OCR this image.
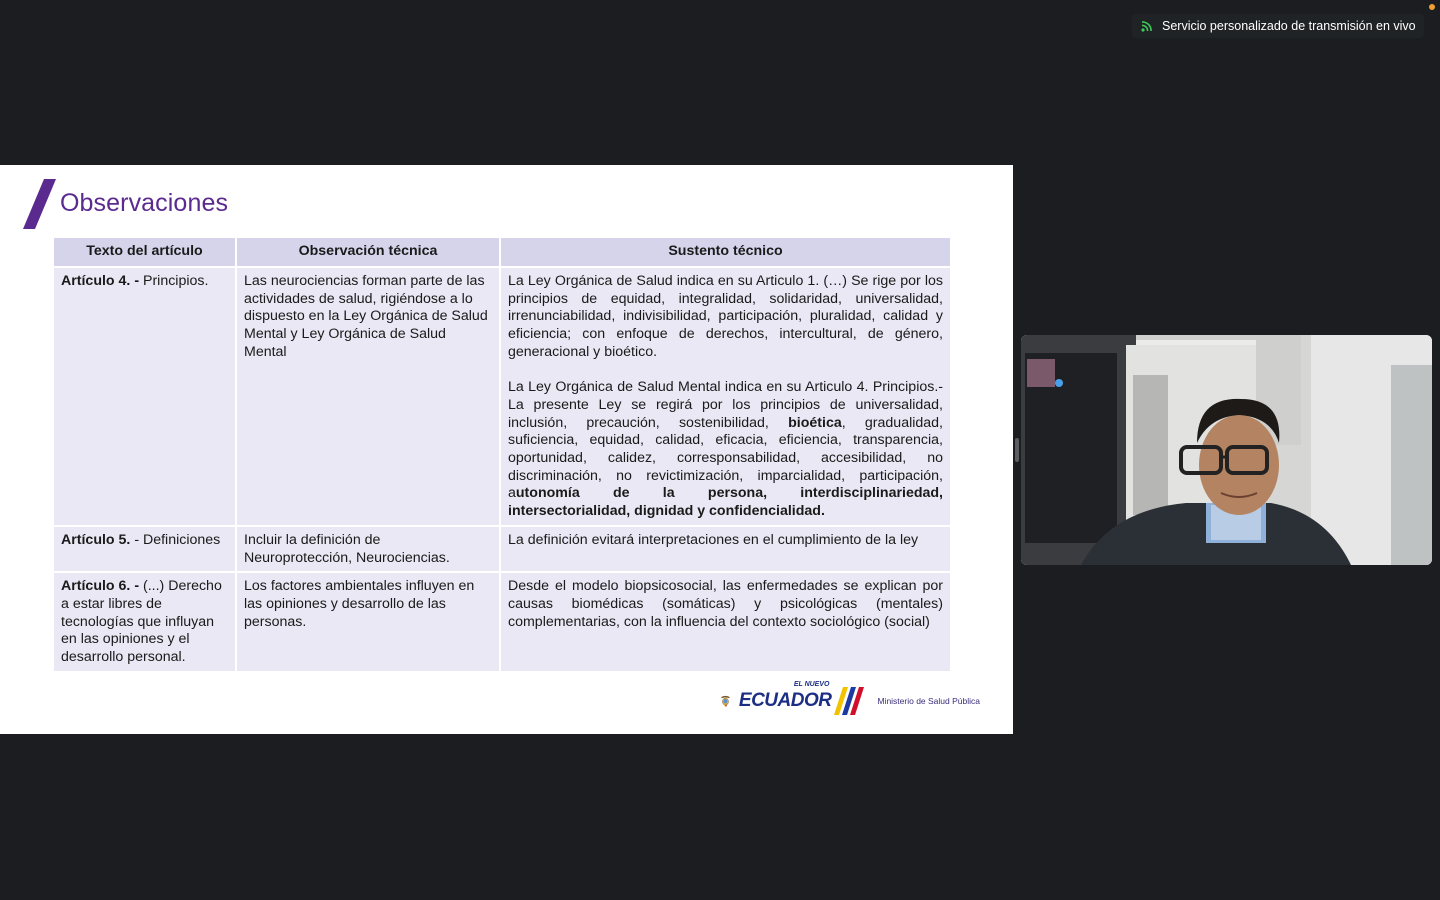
Servicio personalizado de transmisión en vivo
Observaciones
Texto del artículo	Observación técnica	Sustento técnico
Artículo 4. - Principios.	Las neurociencias forman parte de las actividades de salud, rigiéndose a lo dispuesto en la Ley Orgánica de Salud Mental y Ley Orgánica de Salud Mental	La Ley Orgánica de Salud indica en su Articulo 1. (…) Se rige por los principios de equidad, integralidad, solidaridad, universalidad, irrenunciabilidad, indivisibilidad, participación, pluralidad, calidad y eficiencia; con enfoque de derechos, intercultural, de género, generacional y bioético.
La Ley Orgánica de Salud Mental indica en su Articulo 4. Principios.- La presente Ley se regirá por los principios de universalidad, inclusión, precaución, sostenibilidad, bioética, gradualidad, suficiencia, equidad, calidad, eficacia, eficiencia, transparencia, oportunidad, calidez, corresponsabilidad, accesibilidad, no discriminación, no revictimización, imparcialidad, participación, autonomía de la persona, interdisciplinariedad, intersectorialidad, dignidad y confidencialidad.

Artículo 5. - Definiciones	Incluir la definición de Neuroprotección, Neurociencias.	La definición evitará interpretaciones en el cumplimiento de la ley
Artículo 6. - (...) Derecho a estar libres de tecnologías que influyan en las opiniones y el desarrollo personal.	Los factores ambientales influyen en las opiniones y desarrollo de las personas.	Desde el modelo biopsicosocial, las enfermedades se explican por causas biomédicas (somáticas) y psicológicas (mentales) complementarias, con la influencia del contexto sociológico (social)
EL NUEVO
ECUADOR	Ministerio de Salud Pública
